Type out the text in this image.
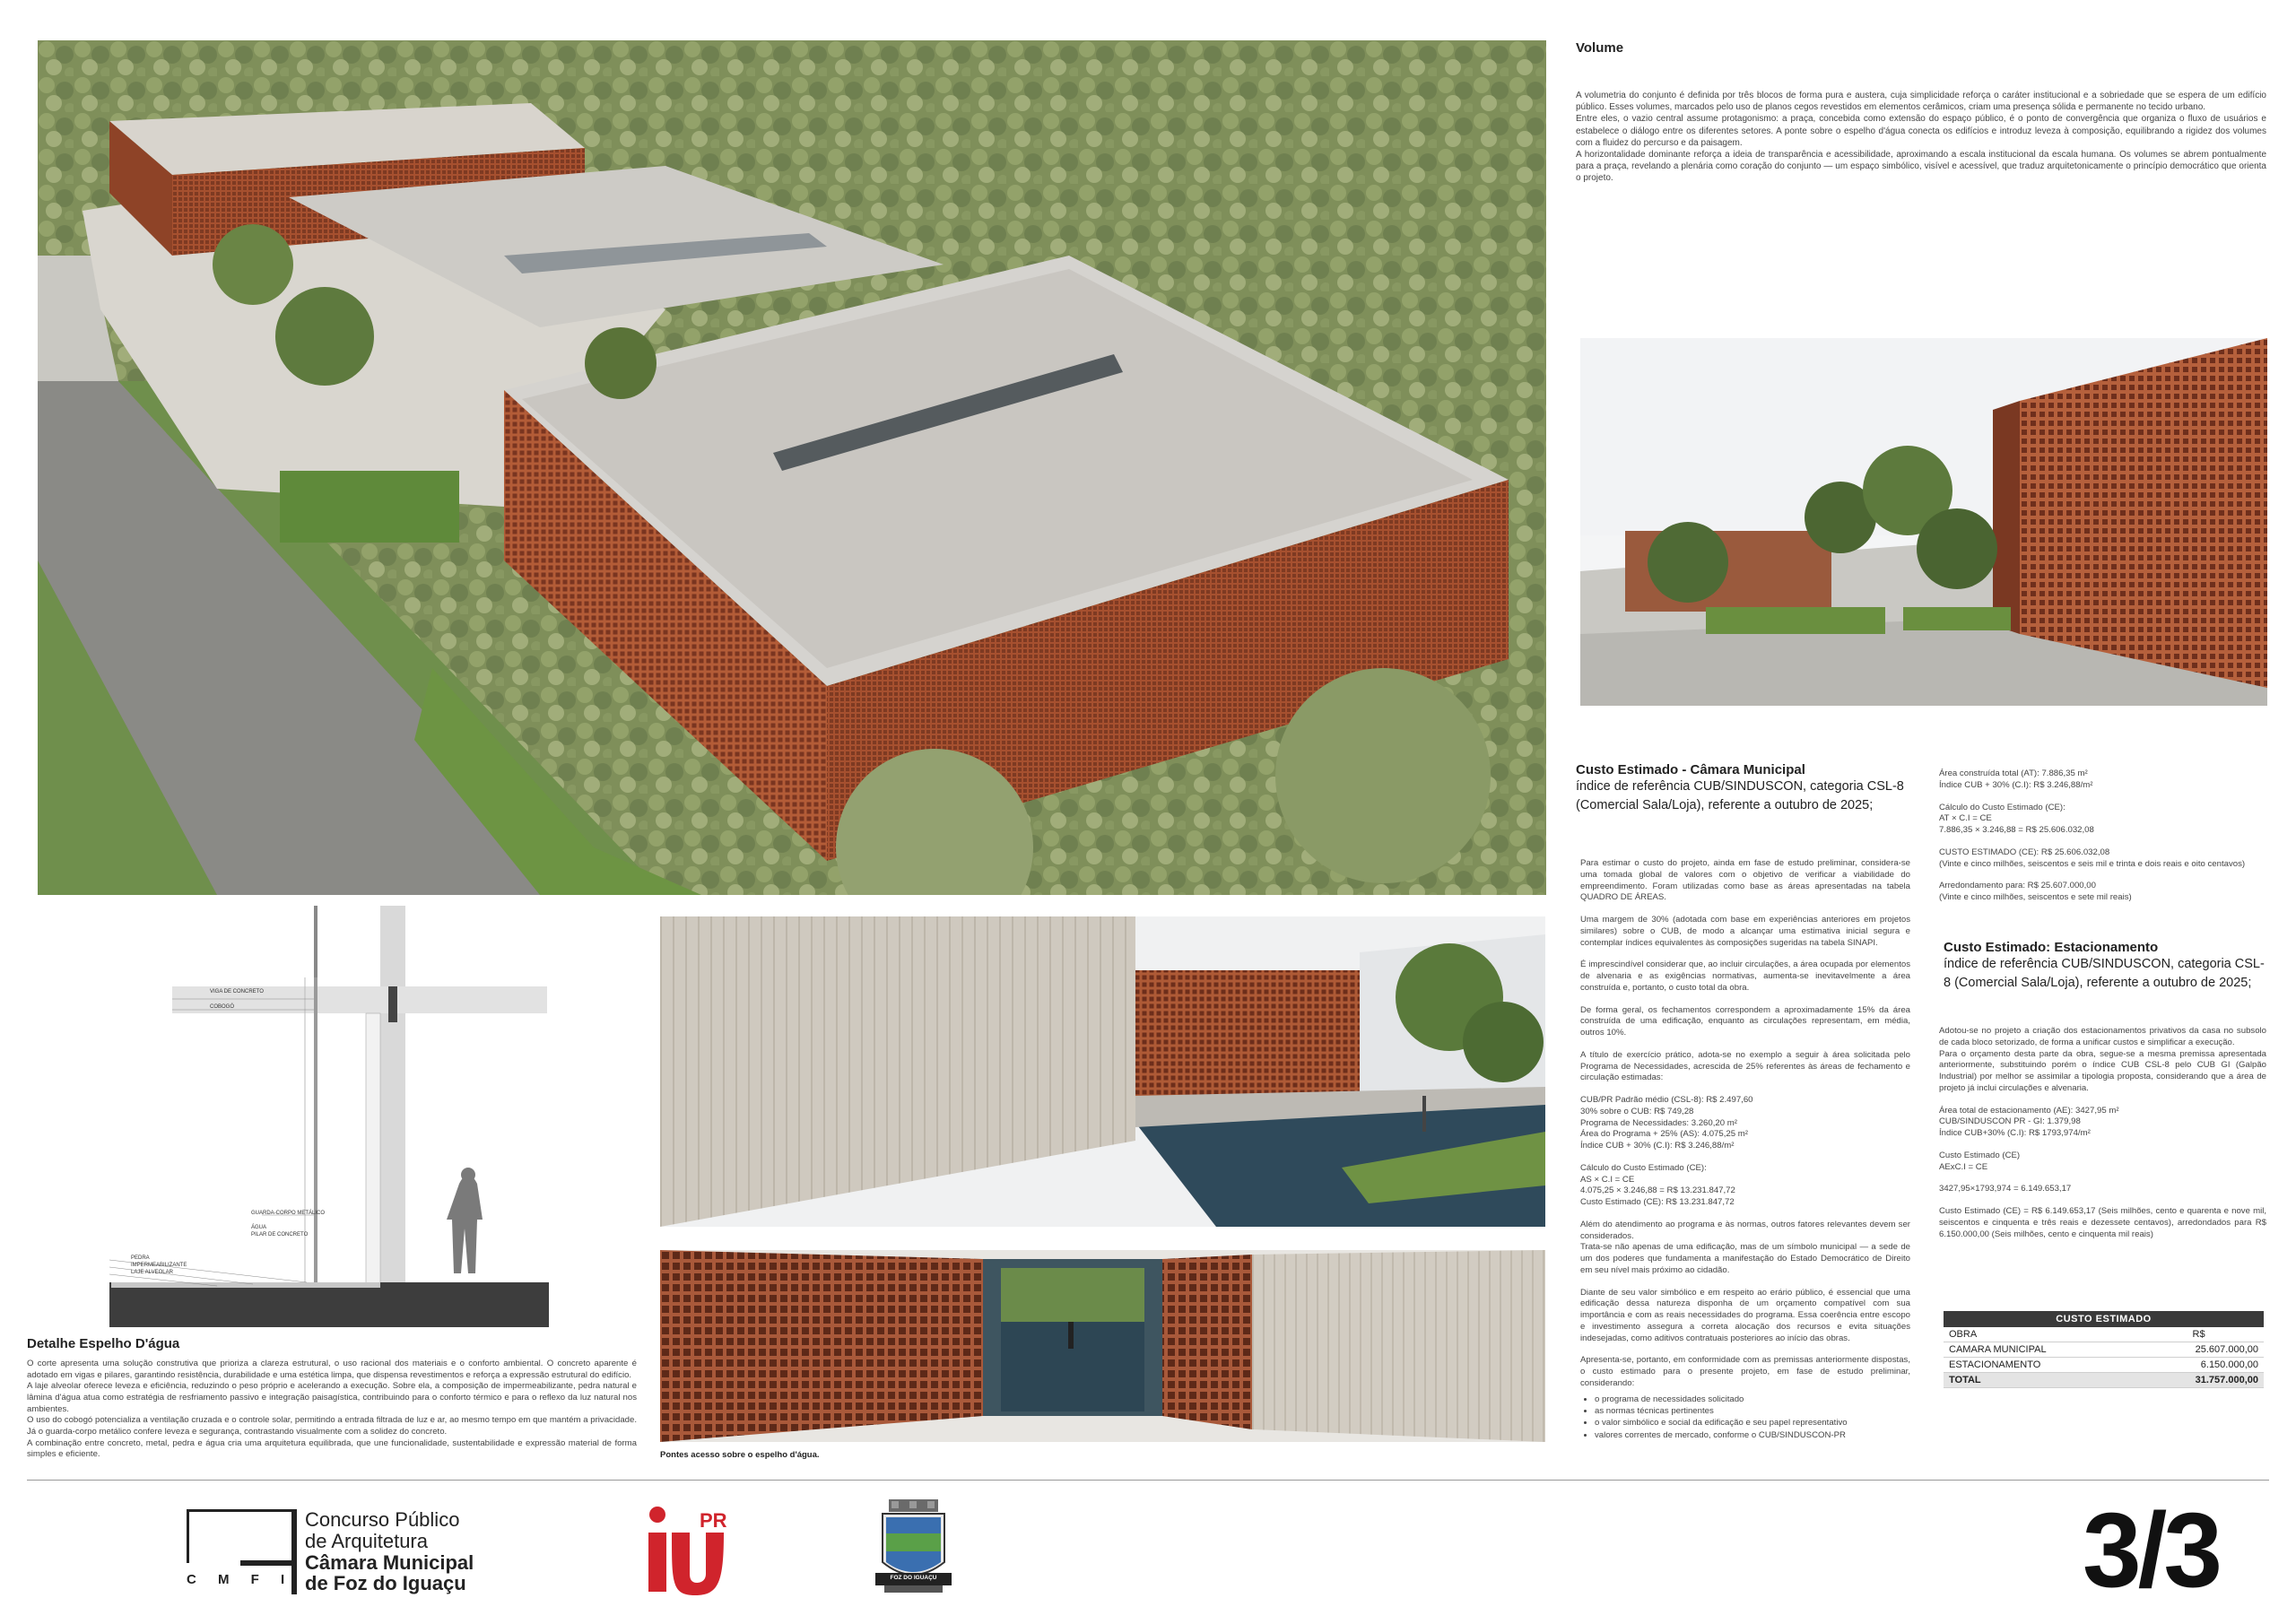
Volume

A volumetria do conjunto é definida por três blocos de forma pura e austera, cuja simplicidade reforça o caráter institucional e a sobriedade que se espera de um edifício público. Esses volumes, marcados pelo uso de planos cegos revestidos em elementos cerâmicos, criam uma presença sólida e permanente no tecido urbano.

Entre eles, o vazio central assume protagonismo: a praça, concebida como extensão do espaço público, é o ponto de convergência que organiza o fluxo de usuários e estabelece o diálogo entre os diferentes setores. A ponte sobre o espelho d'água conecta os edifícios e introduz leveza à composição, equilibrando a rigidez dos volumes com a fluidez do percurso e da paisagem.

A horizontalidade dominante reforça a ideia de transparência e acessibilidade, aproximando a escala institucional da escala humana. Os volumes se abrem pontualmente para a praça, revelando a plenária como coração do conjunto — um espaço simbólico, visível e acessível, que traduz arquitetonicamente o princípio democrático que orienta o projeto.

Custo Estimado - Câmara Municipal
índice de referência CUB/SINDUSCON, categoria CSL-8 (Comercial Sala/Loja), referente a outubro de 2025;

Para estimar o custo do projeto, ainda em fase de estudo preliminar, considera-se uma tomada global de valores com o objetivo de verificar a viabilidade do empreendimento. Foram utilizadas como base as áreas apresentadas na tabela QUADRO DE ÁREAS.

Uma margem de 30% (adotada com base em experiências anteriores em projetos similares) sobre o CUB, de modo a alcançar uma estimativa inicial segura e contemplar índices equivalentes às composições sugeridas na tabela SINAPI.

É imprescindível considerar que, ao incluir circulações, a área ocupada por elementos de alvenaria e as exigências normativas, aumenta-se inevitavelmente a área construída e, portanto, o custo total da obra.

De forma geral, os fechamentos correspondem a aproximadamente 15% da área construída de uma edificação, enquanto as circulações representam, em média, outros 10%.

A título de exercício prático, adota-se no exemplo a seguir à área solicitada pelo Programa de Necessidades, acrescida de 25% referentes às áreas de fechamento e circulação estimadas:

CUB/PR Padrão médio (CSL-8): R$ 2.497,60
30% sobre o CUB: R$ 749,28
Programa de Necessidades: 3.260,20 m²
Área do Programa + 25% (AS): 4.075,25 m²
Índice CUB + 30% (C.I): R$ 3.246,88/m²
Cálculo do Custo Estimado (CE):
AS × C.I = CE
4.075,25 × 3.246,88 = R$ 13.231.847,72
Custo Estimado (CE): R$ 13.231.847,72

Além do atendimento ao programa e às normas, outros fatores relevantes devem ser considerados.

Trata-se não apenas de uma edificação, mas de um símbolo municipal — a sede de um dos poderes que fundamenta a manifestação do Estado Democrático de Direito em seu nível mais próximo ao cidadão.

Diante de seu valor simbólico e em respeito ao erário público, é essencial que uma edificação dessa natureza disponha de um orçamento compatível com sua importância e com as reais necessidades do programa. Essa coerência entre escopo e investimento assegura a correta alocação dos recursos e evita situações indesejadas, como aditivos contratuais posteriores ao início das obras.

Apresenta-se, portanto, em conformidade com as premissas anteriormente dispostas, o custo estimado para o presente projeto, em fase de estudo preliminar, considerando:

• o programa de necessidades solicitado
• as normas técnicas pertinentes
• o valor simbólico e social da edificação e seu papel representativo
• valores correntes de mercado, conforme o CUB/SINDUSCON-PR
Área construída total (AT): 7.886,35 m²
Índice CUB + 30% (C.I): R$ 3.246,88/m²
Cálculo do Custo Estimado (CE):
AT × C.I = CE
7.886,35 × 3.246,88 = R$ 25.606.032,08
CUSTO ESTIMADO (CE): R$ 25.606.032,08
(Vinte e cinco milhões, seiscentos e seis mil e trinta e dois reais e oito centavos)
Arredondamento para: R$ 25.607.000,00
(Vinte e cinco milhões, seiscentos e sete mil reais)
Custo Estimado: Estacionamento
índice de referência CUB/SINDUSCON, categoria CSL-8 (Comercial Sala/Loja), referente a outubro de 2025;

Adotou-se no projeto a criação dos estacionamentos privativos da casa no subsolo de cada bloco setorizado, de forma a unificar custos e simplificar a execução.

Para o orçamento desta parte da obra, segue-se a mesma premissa apresentada anteriormente, substituindo porém o índice CUB CSL-8 pelo CUB GI (Galpão Industrial) por melhor se assimilar a tipologia proposta, considerando que a área de projeto já inclui circulações e alvenaria.

Área total de estacionamento (AE): 3427,95 m²
CUB/SINDUSCON PR - GI: 1.379,98
Índice CUB+30% (C.I): R$ 1793,974/m²
Custo Estimado (CE)
AExC.I = CE
3427,95×1793,974 = 6.149.653,17

Custo Estimado (CE) = R$ 6.149.653,17 (Seis milhões, cento e quarenta e nove mil, seiscentos e cinquenta e três reais e dezessete centavos), arredondados para R$ 6.150.000,00 (Seis milhões, cento e cinquenta mil reais)

CUSTO ESTIMADO	
OBRA	R$
CAMARA MUNICIPAL	25.607.000,00
ESTACIONAMENTO	6.150.000,00
TOTAL	31.757.000,00
VIGA DE CONCRETO
COBOGÓ
GUARDA-CORPO METÁLICO
ÁGUA
PEDRA
IMPERMEABILIZANTE
LAJE ALVEOLAR
PILAR DE CONCRETO
Detalhe Espelho D'água

O corte apresenta uma solução construtiva que prioriza a clareza estrutural, o uso racional dos materiais e o conforto ambiental. O concreto aparente é adotado em vigas e pilares, garantindo resistência, durabilidade e uma estética limpa, que dispensa revestimentos e reforça a expressão estrutural do edifício.

A laje alveolar oferece leveza e eficiência, reduzindo o peso próprio e acelerando a execução. Sobre ela, a composição de impermeabilizante, pedra natural e lâmina d'água atua como estratégia de resfriamento passivo e integração paisagística, contribuindo para o conforto térmico e para o reflexo da luz natural nos ambientes.

O uso do cobogó potencializa a ventilação cruzada e o controle solar, permitindo a entrada filtrada de luz e ar, ao mesmo tempo em que mantém a privacidade. Já o guarda-corpo metálico confere leveza e segurança, contrastando visualmente com a solidez do concreto.

A combinação entre concreto, metal, pedra e água cria uma arquitetura equilibrada, que une funcionalidade, sustentabilidade e expressão material de forma simples e eficiente.	Pontes acesso sobre o espelho d'água.
C M F I
Concurso Público
de Arquitetura
Câmara Municipal
de Foz do Iguaçu
PR
FOZ DO IGUAÇU	3/3
